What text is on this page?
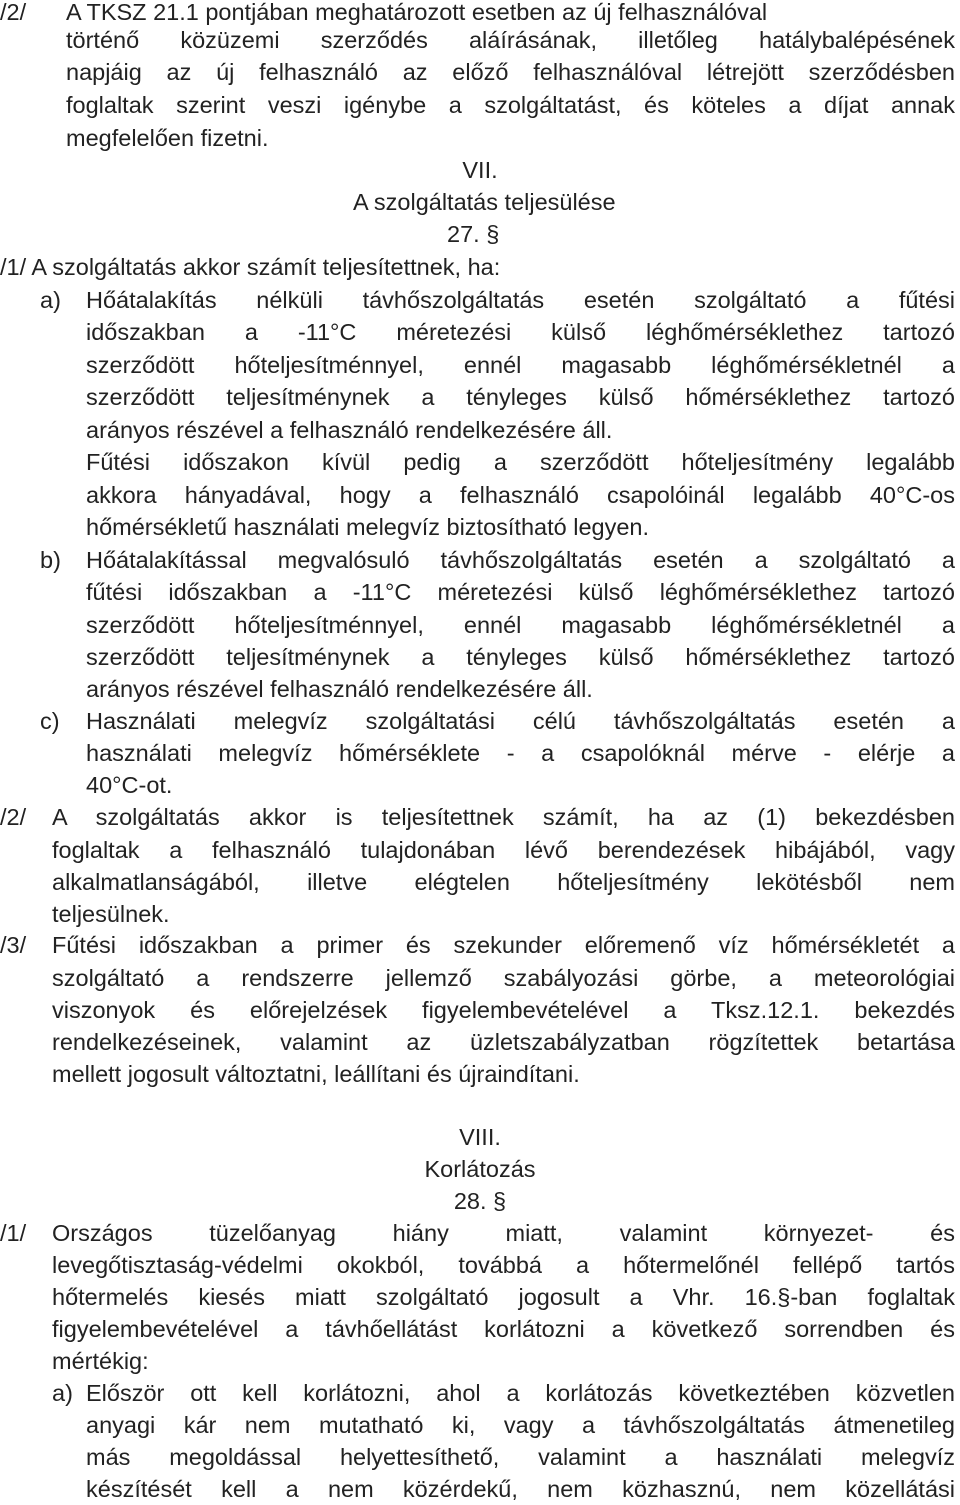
/2/ A TKSZ 21.1 pontjában meghatározott esetben az új felhasználóval
történő közüzemi szerződés aláírásának, illetőleg hatálybalépésének
napjáig az új felhasználó az előző felhasználóval létrejött szerződésben
foglaltak szerint veszi igénybe a szolgáltatást, és köteles a díjat annak
megfelelően fizetni.
VII.
A szolgáltatás teljesülése
27. §
/1/ A szolgáltatás akkor számít teljesítettnek, ha:
a) Hőátalakítás nélküli távhőszolgáltatás esetén szolgáltató a fűtési
időszakban a -11°C méretezési külső léghőmérséklethez tartozó
szerződött hőteljesítménnyel, ennél magasabb léghőmérsékletnél a
szerződött teljesítménynek a tényleges külső hőmérséklethez tartozó
arányos részével a felhasználó rendelkezésére áll.
Fűtési időszakon kívül pedig a szerződött hőteljesítmény legalább
akkora hányadával, hogy a felhasználó csapolóinál legalább 40°C-os
hőmérsékletű használati melegvíz biztosítható legyen.
b) Hőátalakítással megvalósuló távhőszolgáltatás esetén a szolgáltató a
fűtési időszakban a -11°C méretezési külső léghőmérséklethez tartozó
szerződött hőteljesítménnyel, ennél magasabb léghőmérsékletnél a
szerződött teljesítménynek a tényleges külső hőmérséklethez tartozó
arányos részével felhasználó rendelkezésére áll.
c) Használati melegvíz szolgáltatási célú távhőszolgáltatás esetén a
használati melegvíz hőmérséklete - a csapolóknál mérve - elérje a
40°C-ot.
/2/ A szolgáltatás akkor is teljesítettnek számít, ha az (1) bekezdésben
foglaltak a felhasználó tulajdonában lévő berendezések hibájából, vagy
alkalmatlanságából, illetve elégtelen hőteljesítmény lekötésből nem
teljesülnek.
/3/ Fűtési időszakban a primer és szekunder előremenő víz hőmérsékletét a
szolgáltató a rendszerre jellemző szabályozási görbe, a meteorológiai
viszonyok és előrejelzések figyelembevételével a Tksz.12.1. bekezdés
rendelkezéseinek, valamint az üzletszabályzatban rögzítettek betartása
mellett jogosult változtatni, leállítani és újraindítani.
VIII.
Korlátozás
28. §
/1/ Országos tüzelőanyag hiány miatt, valamint környezet- és
levegőtisztaság-védelmi okokból, továbbá a hőtermelőnél fellépő tartós
hőtermelés kiesés miatt szolgáltató jogosult a Vhr. 16.§-ban foglaltak
figyelembevételével a távhőellátást korlátozni a következő sorrendben és
mértékig:
a) Először ott kell korlátozni, ahol a korlátozás következtében közvetlen
anyagi kár nem mutatható ki, vagy a távhőszolgáltatás átmenetileg
más megoldással helyettesíthető, valamint a használati melegvíz
készítését kell a nem közérdekű, nem közhasznú, nem közellátási
